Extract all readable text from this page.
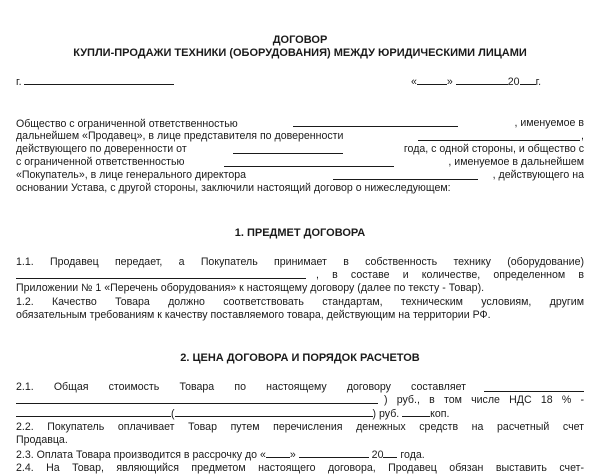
ДОГОВОР
КУПЛИ-ПРОДАЖИ ТЕХНИКИ (ОБОРУДОВАНИЯ) МЕЖДУ ЮРИДИЧЕСКИМИ ЛИЦАМИ
г.	«	»	20 г.
Общество с ограниченной ответственностью	, именуемое в
дальнейшем «Продавец», в лице представителя по доверенности	,
действующего по доверенности от	года, с одной стороны, и общество с
с ограниченной ответственностью	, именуемое в дальнейшем
«Покупатель», в лице генерального директора	, действующего на
основании Устава, с другой стороны, заключили настоящий договор о нижеследующем:
1. ПРЕДМЕТ ДОГОВОРА
1.1. Продавец передает, а Покупатель принимает в собственность технику (оборудование)
, в составе и количестве, определенном в
Приложении № 1 «Перечень оборудования» к настоящему договору (далее по тексту - Товар).
1.2. Качество Товара должно соответствовать стандартам, техническим условиям, другим
обязательным требованиям к качеству поставляемого товара, действующим на территории РФ.
2. ЦЕНА ДОГОВОРА И ПОРЯДОК РАСЧЕТОВ
2.1. Общая стоимость Товара по настоящему договору составляет
) руб., в том числе НДС 18 % -
(	) руб.	коп.
2.2. Покупатель оплачивает Товар путем перечисления денежных средств на расчетный счет
Продавца.
2.3. Оплата Товара производится в рассрочку до « »	20 года.
2.4. На Товар, являющийся предметом настоящего договора, Продавец обязан выставить счет-
